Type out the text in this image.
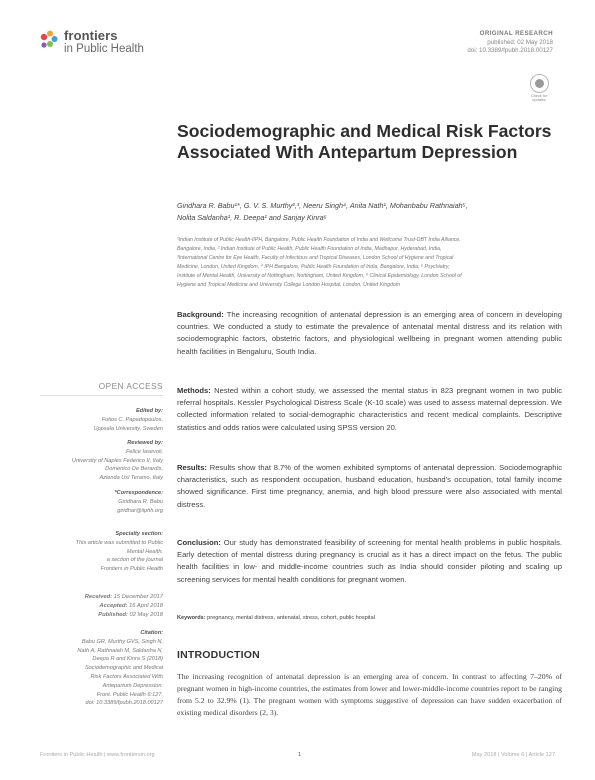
frontiers
in Public Health
ORIGINAL RESEARCH
published: 02 May 2018
doi: 10.3389/fpubh.2018.00127
Check for updates
Sociodemographic and Medical Risk Factors Associated With Antepartum Depression
Giridhara R. Babu¹*, G. V. S. Murthy²,³, Neeru Singh⁴, Anita Nath¹, Mohanbabu Rathnaiah⁵,
Nolita Saldanha¹, R. Deepa¹ and Sanjay Kinra⁶
¹Indian Institute of Public Health-IIPH, Bangalore, Public Health Foundation of India and Wellcome Trust-DBT India Alliance,
Bangalore, India, ² Indian Institute of Public Health, Public Health Foundation of India, Madhapur, Hyderabad, India,
³International Centre for Eye Health, Faculty of Infectious and Tropical Diseases, London School of Hygiene and Tropical
Medicine, London, United Kingdom, ⁴ IPH Bangalore, Public Health Foundation of India, Bangalore, India, ⁵ Psychiatry,
Institute of Mental Health, University of Nottingham, Nottingham, United Kingdom, ⁶ Clinical Epidemiology, London School of
Hygiene and Tropical Medicine and University College London Hospital, London, United Kingdom
Background: The increasing recognition of antenatal depression is an emerging area of concern in developing countries. We conducted a study to estimate the prevalence of antenatal mental distress and its relation with sociodemographic factors, obstetric factors, and physiological wellbeing in pregnant women attending public health facilities in Bengaluru, South India.
Methods: Nested within a cohort study, we assessed the mental status in 823 pregnant women in two public referral hospitals. Kessler Psychological Distress Scale (K-10 scale) was used to assess maternal depression. We collected information related to social-demographic characteristics and recent medical complaints. Descriptive statistics and odds ratios were calculated using SPSS version 20.
Results: Results show that 8.7% of the women exhibited symptoms of antenatal depression. Sociodemographic characteristics, such as respondent occupation, husband education, husband's occupation, total family income showed significance. First time pregnancy, anemia, and high blood pressure were also associated with mental distress.
Conclusion: Our study has demonstrated feasibility of screening for mental health problems in public hospitals. Early detection of mental distress during pregnancy is crucial as it has a direct impact on the fetus. The public health facilities in low- and middle-income countries such as India should consider piloting and scaling up screening services for mental health conditions for pregnant women.
Keywords: pregnancy, mental distress, antenatal, stress, cohort, public hospital
INTRODUCTION
The increasing recognition of antenatal depression is an emerging area of concern. In contrast to affecting 7–20% of pregnant women in high-income countries, the estimates from lower and lower-middle-income countries report to be ranging from 5.2 to 32.9% (1). The pregnant women with symptoms suggestive of depression can have sudden exacerbation of existing medical disorders (2, 3).
OPEN ACCESS
Edited by:
Fotios C. Papadopoulos,
Uppsala University, Sweden
Reviewed by:
Felice Iasevoli,
University of Naples Federico II, Italy
Domenico De Berardis,
Azienda Usl Teramo, Italy
*Correspondence:
Giridhara R. Babu
giridhar@iiphh.org
Specialty section:
This article was submitted to Public
Mental Health,
a section of the journal
Frontiers in Public Health
Received: 15 December 2017
Accepted: 16 April 2018
Published: 02 May 2018
Citation:
Babu GR, Murthy GVS, Singh N,
Nath A, Rathnaiah M, Saldanha N,
Deepa R and Kinra S (2018)
Sociodemographic and Medical
Risk Factors Associated With
Antepartum Depression.
Front. Public Health 6:127.
doi: 10.3389/fpubh.2018.00127
Frontiers in Public Health | www.frontiersin.org	1	May 2018 | Volume 6 | Article 127
